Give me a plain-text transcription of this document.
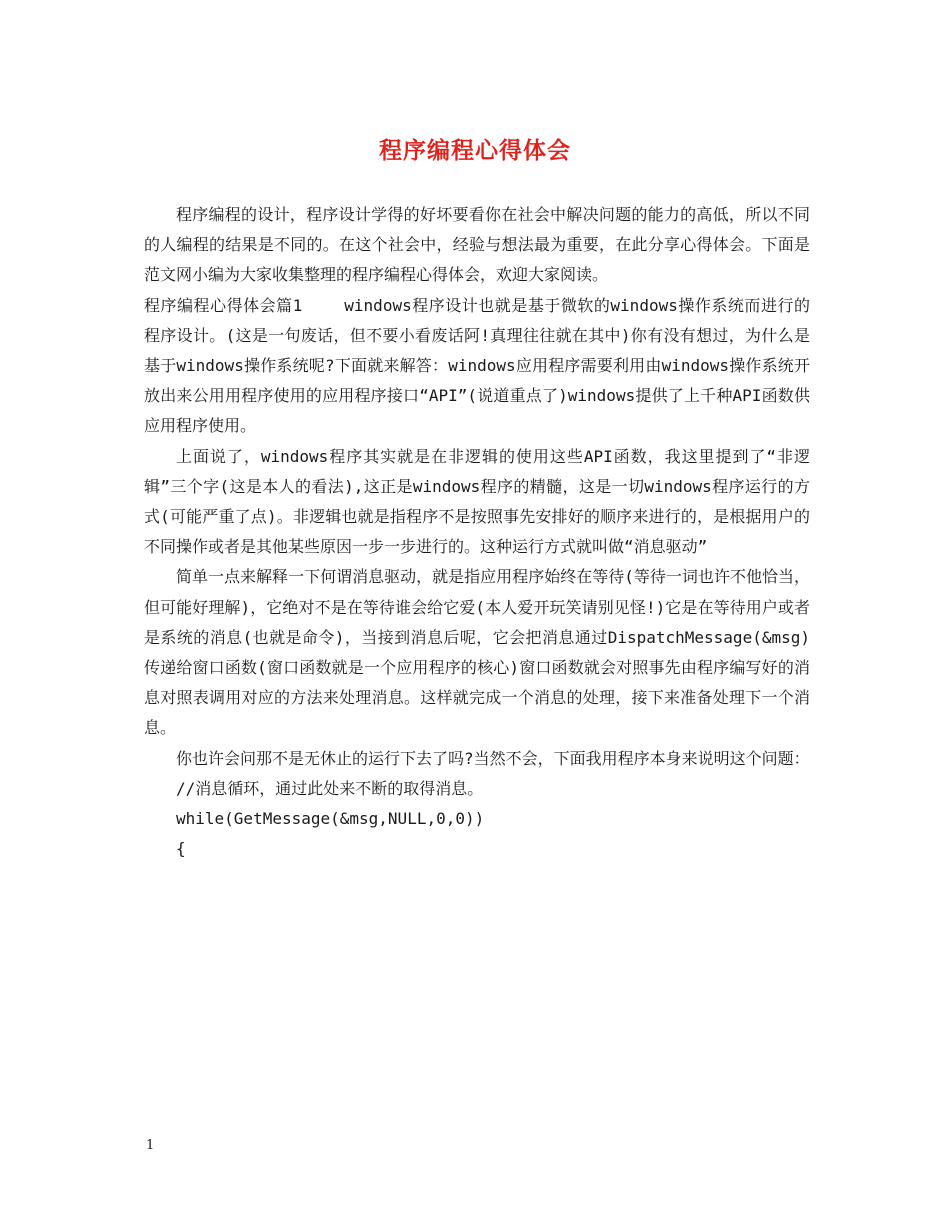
程序编程心得体会

程序编程的设计，程序设计学得的好坏要看你在社会中解决问题的能力的高低，所以不同的人编程的结果是不同的。在这个社会中，经验与想法最为重要，在此分享心得体会。下面是范文网小编为大家收集整理的程序编程心得体会，欢迎大家阅读。

程序编程心得体会篇1	windows程序设计也就是基于微软的windows操作系统而进行的程序设计。(这是一句废话，但不要小看废话阿!真理往往就在其中)你有没有想过，为什么是基于windows操作系统呢?下面就来解答：windows应用程序需要利用由windows操作系统开放出来公用用程序使用的应用程序接口“API”(说道重点了)windows提供了上千种API函数供应用程序使用。

上面说了，windows程序其实就是在非逻辑的使用这些API函数，我这里提到了“非逻辑”三个字(这是本人的看法),这正是windows程序的精髓，这是一切windows程序运行的方式(可能严重了点)。非逻辑也就是指程序不是按照事先安排好的顺序来进行的，是根据用户的不同操作或者是其他某些原因一步一步进行的。这种运行方式就叫做“消息驱动”

简单一点来解释一下何谓消息驱动，就是指应用程序始终在等待(等待一词也许不他恰当，但可能好理解)，它绝对不是在等待谁会给它爱(本人爱开玩笑请别见怪!)它是在等待用户或者是系统的消息(也就是命令)，当接到消息后呢，它会把消息通过DispatchMessage(&msg)传递给窗口函数(窗口函数就是一个应用程序的核心)窗口函数就会对照事先由程序编写好的消息对照表调用对应的方法来处理消息。这样就完成一个消息的处理，接下来准备处理下一个消息。

你也许会问那不是无休止的运行下去了吗?当然不会，下面我用程序本身来说明这个问题：

//消息循环，通过此处来不断的取得消息。

while(GetMessage(&msg,NULL,0,0))

{

1
